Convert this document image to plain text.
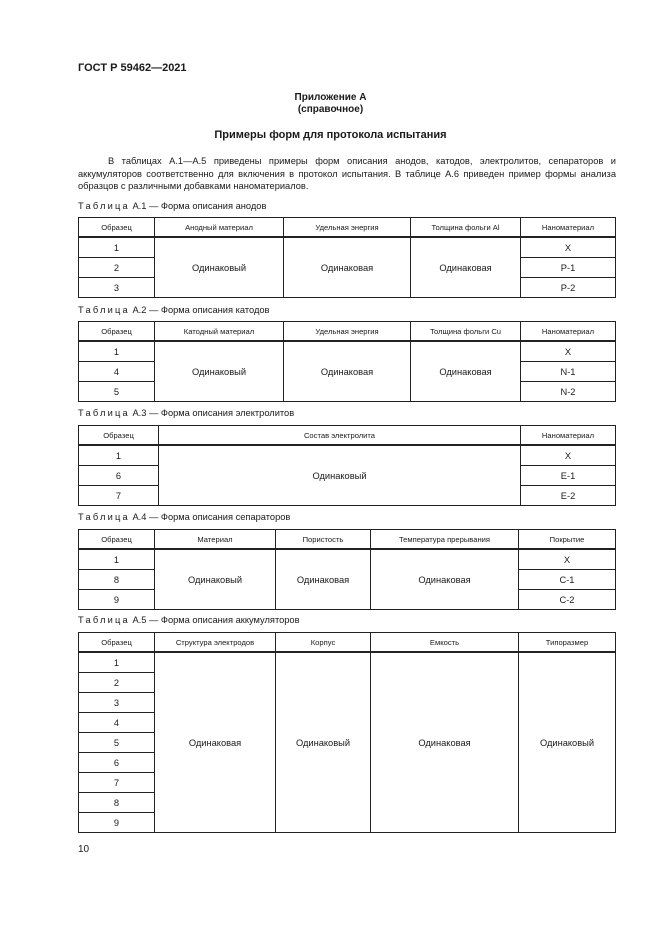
ГОСТ Р 59462—2021
Приложение А
(справочное)
Примеры форм для протокола испытания

В таблицах А.1—А.5 приведены примеры форм описания анодов, катодов, электролитов, сепараторов и аккумуляторов соответственно для включения в протокол испытания. В таблице А.6 приведен пример формы анализа образцов с различными добавками наноматериалов.

Таблица А.1 — Форма описания анодов
Образец	Анодный материал	Удельная энергия	Толщина фольги Al	Наноматериал
1	Одинаковый	Одинаковая	Одинаковая	X
2				P-1
3				P-2
Таблица А.2 — Форма описания катодов
Образец	Катодный материал	Удельная энергия	Толщина фольги Cu	Наноматериал
1	Одинаковый	Одинаковая	Одинаковая	X
4				N-1
5				N-2
Таблица А.3 — Форма описания электролитов
Образец	Состав электролита	Наноматериал
1	Одинаковый	X
6		E-1
7		E-2
Таблица А.4 — Форма описания сепараторов
Образец	Материал	Пористость	Температура прерывания	Покрытие
1	Одинаковый	Одинаковая	Одинаковая	X
8				C-1
9				C-2
Таблица А.5 — Форма описания аккумуляторов
Образец	Структура электродов	Корпус	Емкость	Типоразмер
1	Одинаковая	Одинаковый	Одинаковая	Одинаковый
2				
3				
4				
5				
6				
7				
8				
9				
10
